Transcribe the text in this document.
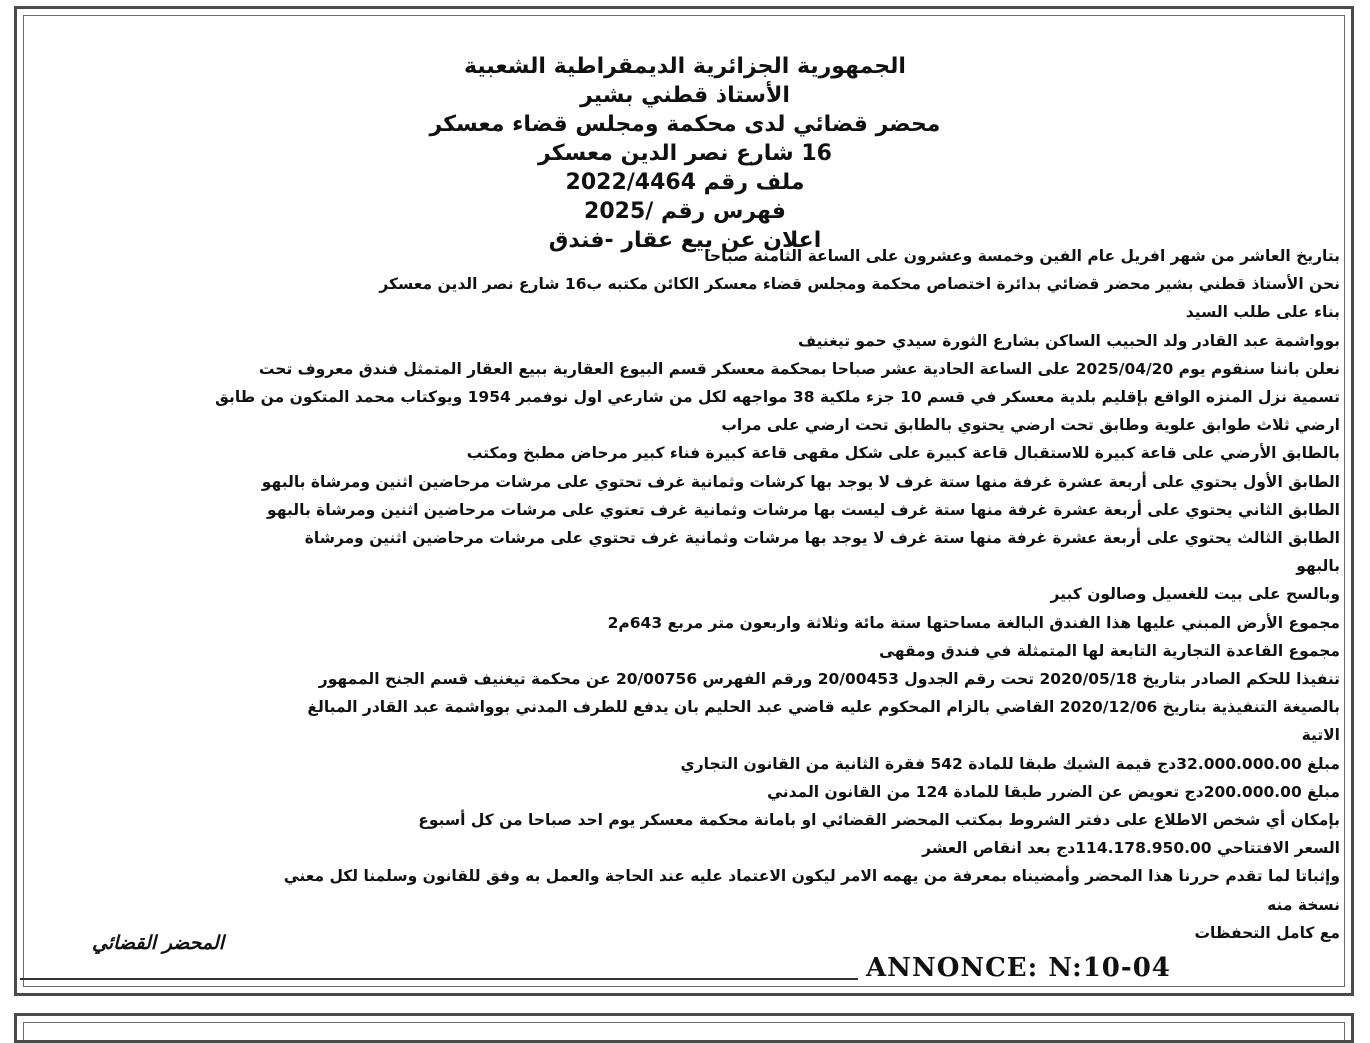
الجمهورية الجزائرية الديمقراطية الشعبية
الأستاذ قطني بشير
محضر قضائي لدى محكمة ومجلس قضاء معسكر
16 شارع نصر الدين معسكر
ملف رقم 2022/4464
فهرس رقم /2025
اعلان عن بيع عقار -فندق
بتاريخ العاشر من شهر افريل عام الفين وخمسة وعشرون على الساعة الثامنة صباحا
نحن الأستاذ قطني بشير محضر قضائي بدائرة اختصاص محكمة ومجلس قضاء معسكر الكائن مكتبه ب16 شارع نصر الدين معسكر
بناء على طلب السيد
بوواشمة عبد القادر ولد الحبيب الساكن بشارع الثورة سيدي حمو تيغنيف
نعلن باننا سنقوم يوم 2025/04/20 على الساعة الحادية عشر صباحا بمحكمة معسكر قسم البيوع العقارية ببيع العقار المتمثل فندق معروف تحت
تسمية نزل المنزه الواقع بإقليم بلدية معسكر في قسم 10 جزء ملكية 38 مواجهه لكل من شارعي اول نوفمبر 1954 ويوكتاب محمد المتكون من طابق
ارضي ثلاث طوابق علوية وطابق تحت ارضي يحتوي بالطابق تحت ارضي على مراب
بالطابق الأرضي على قاعة كبيرة للاستقبال قاعة كبيرة على شكل مقهى قاعة كبيرة فناء كبير مرحاض مطبخ ومكتب
الطابق الأول يحتوي على أربعة عشرة غرفة منها ستة غرف لا يوجد بها كرشات وثمانية غرف تحتوي على مرشات مرحاضين اثنين ومرشاة بالبهو
الطابق الثاني يحتوي على أربعة عشرة غرفة منها ستة غرف ليست بها مرشات وثمانية غرف تعتوي على مرشات مرحاضين اثنين ومرشاة بالبهو
الطابق الثالث يحتوي على أربعة عشرة غرفة منها ستة غرف لا يوجد بها مرشات وثمانية غرف تحتوي على مرشات مرحاضين اثنين ومرشاة
بالبهو
وبالسح على بيت للغسيل وصالون كبير
مجموع الأرض المبني عليها هذا الفندق البالغة مساحتها ستة مائة وثلاثة واربعون متر مربع 643م2
مجموع القاعدة التجارية التابعة لها المتمثلة في فندق ومقهى
تنفيذا للحكم الصادر بتاريخ 2020/05/18 تحت رقم الجدول 20/00453 ورقم الفهرس 20/00756 عن محكمة تيغنيف قسم الجنح الممهور
بالصيغة التنفيذية بتاريخ 2020/12/06 القاضي بالزام المحكوم عليه قاضي عبد الحليم بان يدفع للطرف المدني بوواشمة عبد القادر المبالغ
الاتية
مبلغ 32.000.000.00دج قيمة الشيك طبقا للمادة 542 فقرة الثانية من القانون التجاري
مبلغ 200.000.00دج تعويض عن الضرر طبقا للمادة 124 من القانون المدني
بإمكان أي شخص الاطلاع على دفتر الشروط بمكتب المحضر القضائي او بامانة محكمة معسكر يوم احد صباحا من كل أسبوع
السعر الافتتاحي 114.178.950.00دج بعد انقاص العشر
وإثباتا لما تقدم حررنا هذا المحضر وأمضيناه بمعرفة من يهمه الامر ليكون الاعتماد عليه عند الحاجة والعمل به وفق للقانون وسلمنا لكل معني
نسخة منه
مع كامل التحفظات
المحضر القضائي
ANNONCE: N:10-04
